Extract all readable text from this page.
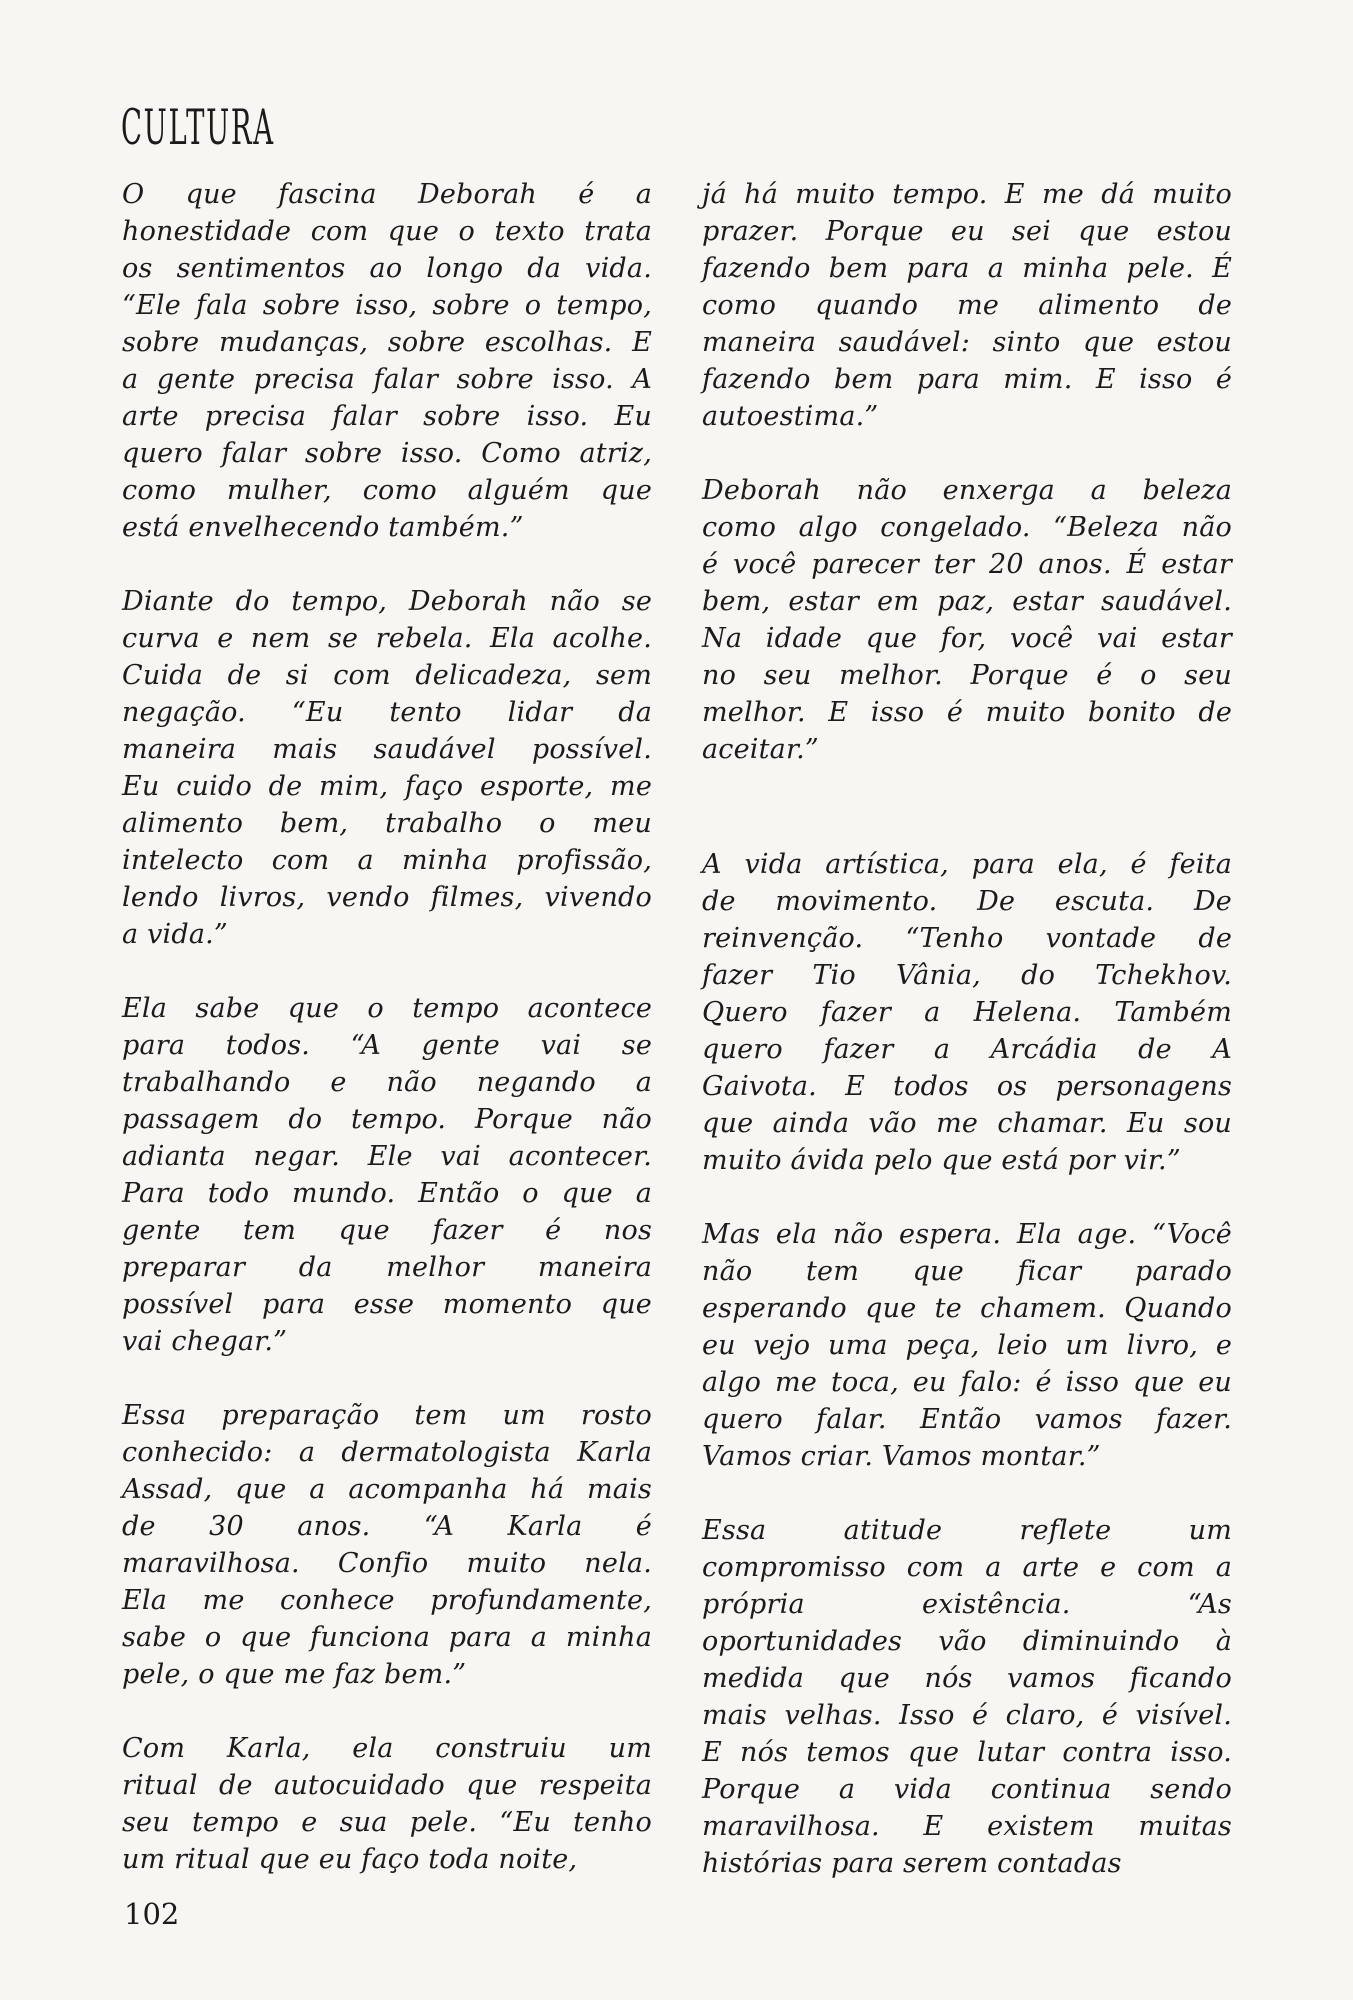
CULTURA
O que fascina Deborah é a
honestidade com que o texto trata
os sentimentos ao longo da vida.
“Ele fala sobre isso, sobre o tempo,
sobre mudanças, sobre escolhas. E
a gente precisa falar sobre isso. A
arte precisa falar sobre isso. Eu
quero falar sobre isso. Como atriz,
como mulher, como alguém que
está envelhecendo também.”
Diante do tempo, Deborah não se
curva e nem se rebela. Ela acolhe.
Cuida de si com delicadeza, sem
negação. “Eu tento lidar da
maneira mais saudável possível.
Eu cuido de mim, faço esporte, me
alimento bem, trabalho o meu
intelecto com a minha profissão,
lendo livros, vendo filmes, vivendo
a vida.”
Ela sabe que o tempo acontece
para todos. “A gente vai se
trabalhando e não negando a
passagem do tempo. Porque não
adianta negar. Ele vai acontecer.
Para todo mundo. Então o que a
gente tem que fazer é nos
preparar da melhor maneira
possível para esse momento que
vai chegar.”
Essa preparação tem um rosto
conhecido: a dermatologista Karla
Assad, que a acompanha há mais
de 30 anos. “A Karla é
maravilhosa. Confio muito nela.
Ela me conhece profundamente,
sabe o que funciona para a minha
pele, o que me faz bem.”
Com Karla, ela construiu um
ritual de autocuidado que respeita
seu tempo e sua pele. “Eu tenho
um ritual que eu faço toda noite,
já há muito tempo. E me dá muito
prazer. Porque eu sei que estou
fazendo bem para a minha pele. É
como quando me alimento de
maneira saudável: sinto que estou
fazendo bem para mim. E isso é
autoestima.”
Deborah não enxerga a beleza
como algo congelado. “Beleza não
é você parecer ter 20 anos. É estar
bem, estar em paz, estar saudável.
Na idade que for, você vai estar
no seu melhor. Porque é o seu
melhor. E isso é muito bonito de
aceitar.”
A vida artística, para ela, é feita
de movimento. De escuta. De
reinvenção. “Tenho vontade de
fazer Tio Vânia, do Tchekhov.
Quero fazer a Helena. Também
quero fazer a Arcádia de A
Gaivota. E todos os personagens
que ainda vão me chamar. Eu sou
muito ávida pelo que está por vir.”
Mas ela não espera. Ela age. “Você
não tem que ficar parado
esperando que te chamem. Quando
eu vejo uma peça, leio um livro, e
algo me toca, eu falo: é isso que eu
quero falar. Então vamos fazer.
Vamos criar. Vamos montar.”
Essa atitude reflete um
compromisso com a arte e com a
própria existência. “As
oportunidades vão diminuindo à
medida que nós vamos ficando
mais velhas. Isso é claro, é visível.
E nós temos que lutar contra isso.
Porque a vida continua sendo
maravilhosa. E existem muitas
histórias para serem contadas
102
